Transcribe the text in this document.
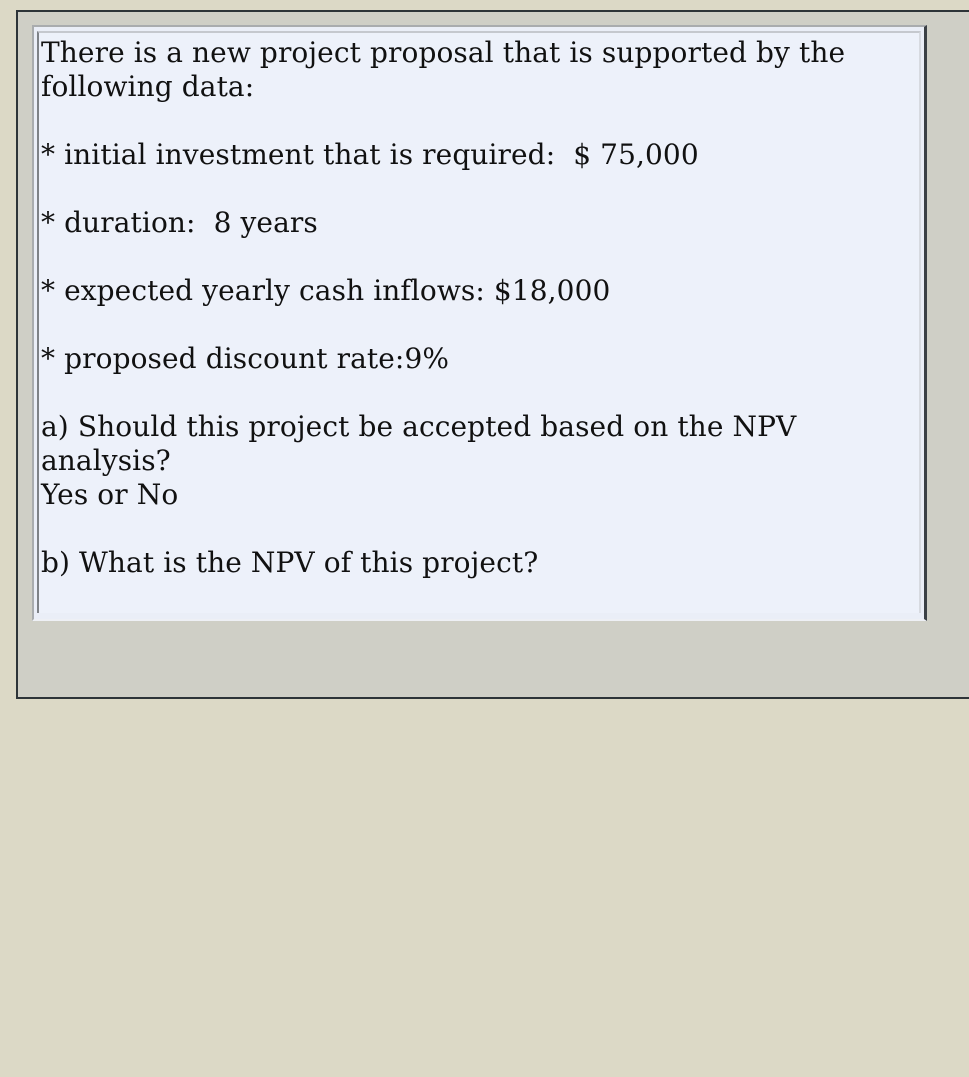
There is a new project proposal that is supported by the
following data:
* initial investment that is required:  $ 75,000
* duration:  8 years
* expected yearly cash inflows: $18,000
* proposed discount rate:9%
a) Should this project be accepted based on the NPV analysis?
Yes or No
b) What is the NPV of this project?
